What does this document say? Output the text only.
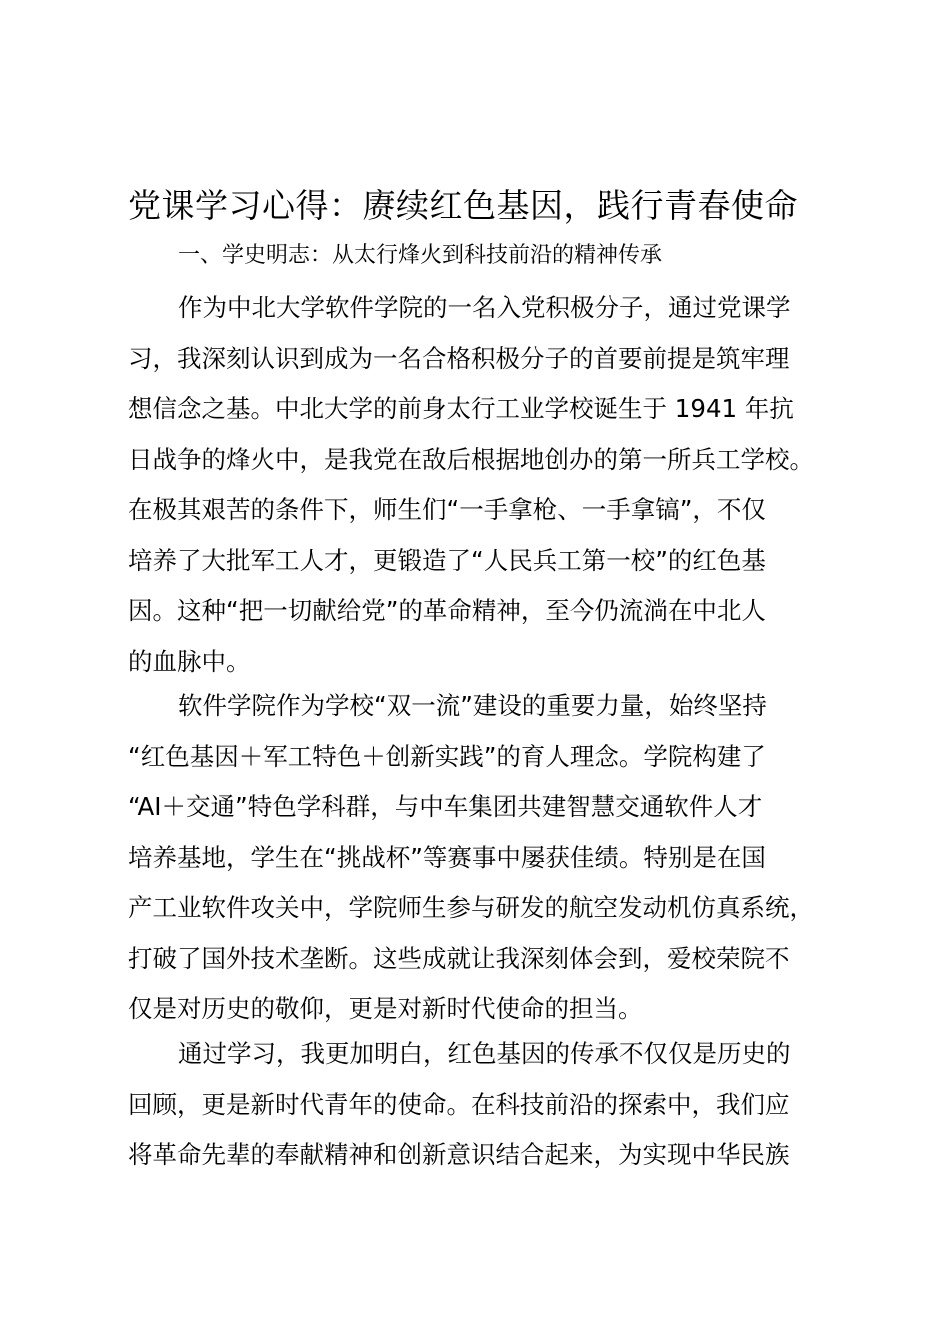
党课学习心得：赓续红色基因，践行青春使命
一、学史明志：从太行烽火到科技前沿的精神传承
作为中北大学软件学院的一名入党积极分子，通过党课学
习，我深刻认识到成为一名合格积极分子的首要前提是筑牢理
想信念之基。中北大学的前身太行工业学校诞生于 1941 年抗
日战争的烽火中，是我党在敌后根据地创办的第一所兵工学校。
在极其艰苦的条件下，师生们“一手拿枪、一手拿镐”，不仅
培养了大批军工人才，更锻造了“人民兵工第一校”的红色基
因。这种“把一切献给党”的革命精神，至今仍流淌在中北人
的血脉中。
软件学院作为学校“双一流”建设的重要力量，始终坚持
“红色基因＋军工特色＋创新实践”的育人理念。学院构建了
“AI＋交通”特色学科群，与中车集团共建智慧交通软件人才
培养基地，学生在“挑战杯”等赛事中屡获佳绩。特别是在国
产工业软件攻关中，学院师生参与研发的航空发动机仿真系统，
打破了国外技术垄断。这些成就让我深刻体会到，爱校荣院不
仅是对历史的敬仰，更是对新时代使命的担当。
通过学习，我更加明白，红色基因的传承不仅仅是历史的
回顾，更是新时代青年的使命。在科技前沿的探索中，我们应
将革命先辈的奉献精神和创新意识结合起来，为实现中华民族
